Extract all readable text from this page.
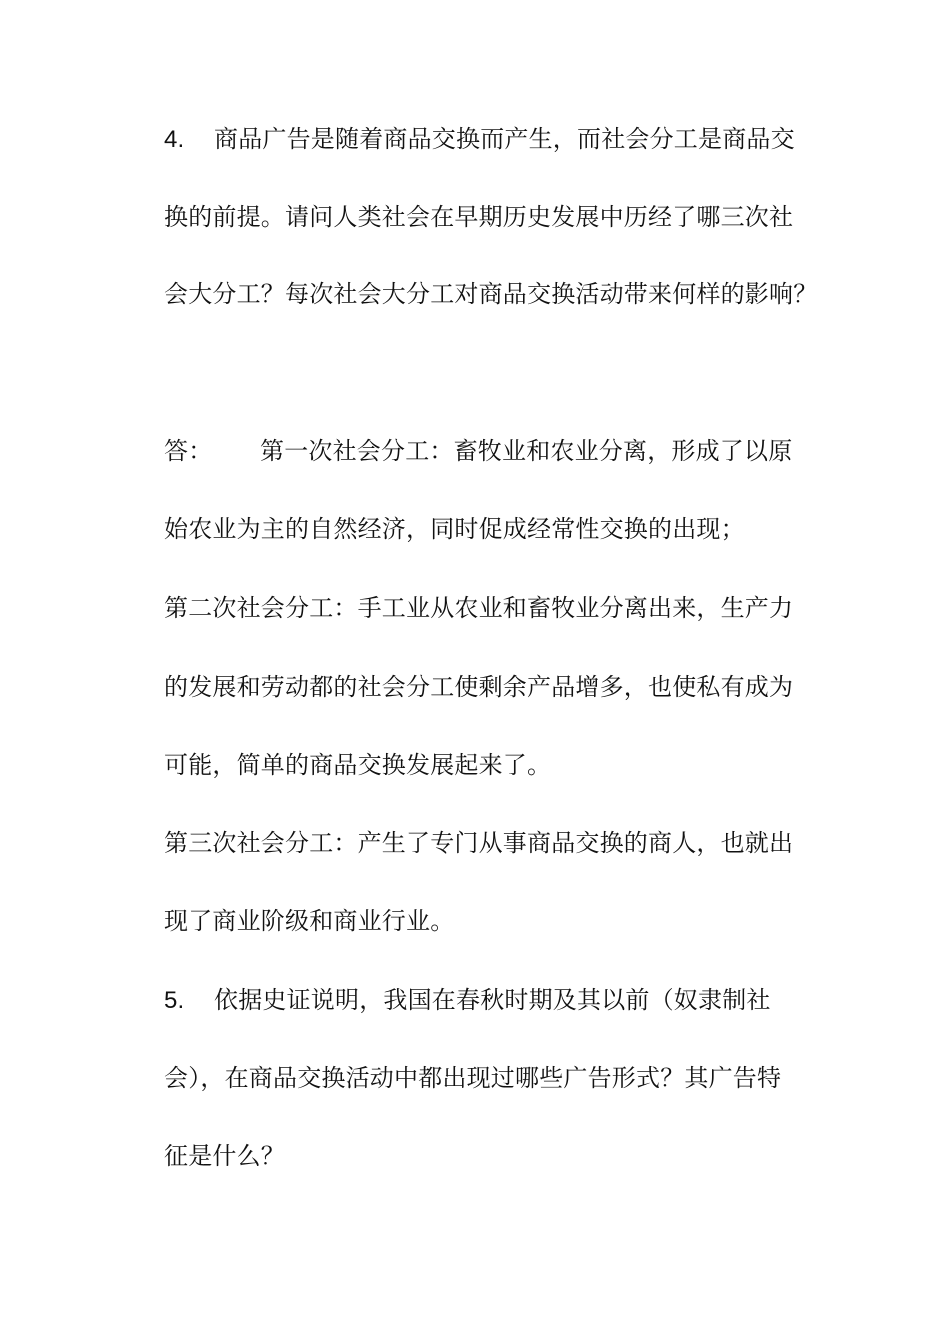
4. 商品广告是随着商品交换而产生，而社会分工是商品交
换的前提。请问人类社会在早期历史发展中历经了哪三次社
会大分工？每次社会大分工对商品交换活动带来何样的影响？
答： 第一次社会分工：畜牧业和农业分离，形成了以原
始农业为主的自然经济，同时促成经常性交换的出现；
第二次社会分工：手工业从农业和畜牧业分离出来，生产力
的发展和劳动都的社会分工使剩余产品增多，也使私有成为
可能，简单的商品交换发展起来了。
第三次社会分工：产生了专门从事商品交换的商人，也就出
现了商业阶级和商业行业。
5. 依据史证说明，我国在春秋时期及其以前（奴隶制社
会），在商品交换活动中都出现过哪些广告形式？其广告特
征是什么？
